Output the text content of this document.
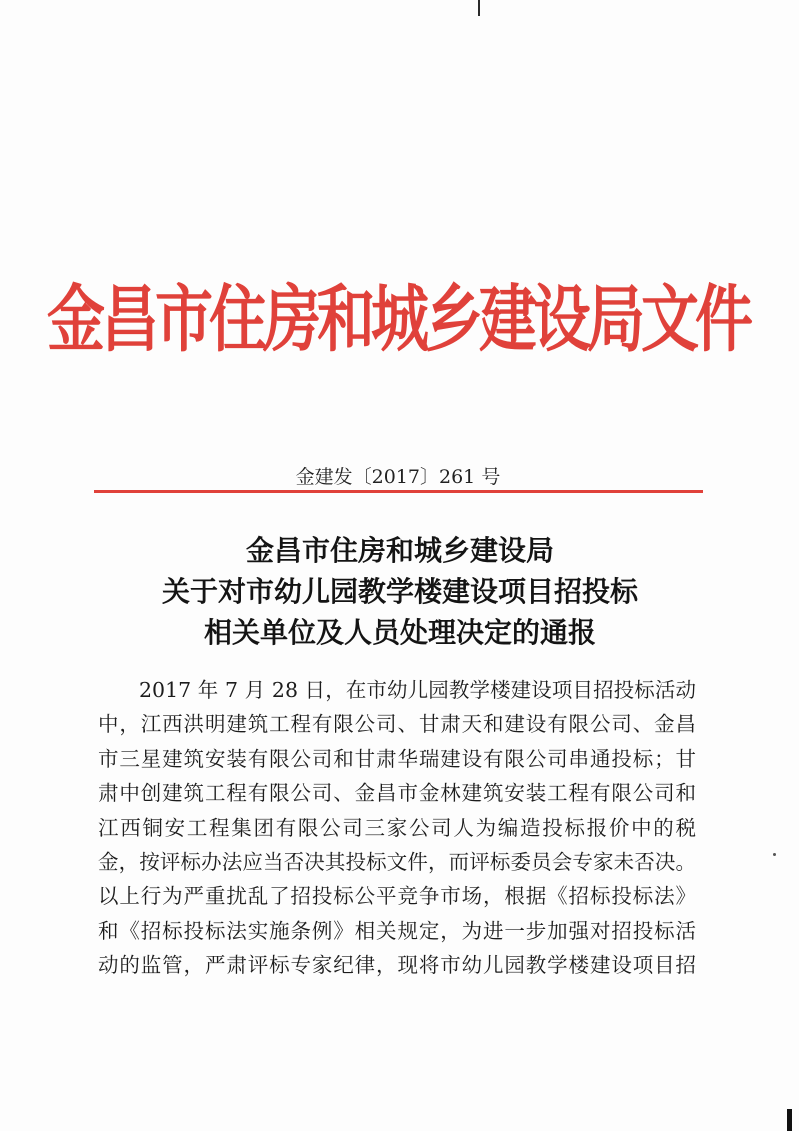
金昌市住房和城乡建设局文件
金建发〔2017〕261 号
金昌市住房和城乡建设局
关于对市幼儿园教学楼建设项目招投标
相关单位及人员处理决定的通报
2017 年 7 月 28 日，在市幼儿园教学楼建设项目招投标活动
中，江西洪明建筑工程有限公司、甘肃天和建设有限公司、金昌
市三星建筑安装有限公司和甘肃华瑞建设有限公司串通投标；甘
肃中创建筑工程有限公司、金昌市金林建筑安装工程有限公司和
江西铜安工程集团有限公司三家公司人为编造投标报价中的税
金，按评标办法应当否决其投标文件，而评标委员会专家未否决。
以上行为严重扰乱了招投标公平竞争市场，根据《招标投标法》
和《招标投标法实施条例》相关规定，为进一步加强对招投标活
动的监管，严肃评标专家纪律，现将市幼儿园教学楼建设项目招
